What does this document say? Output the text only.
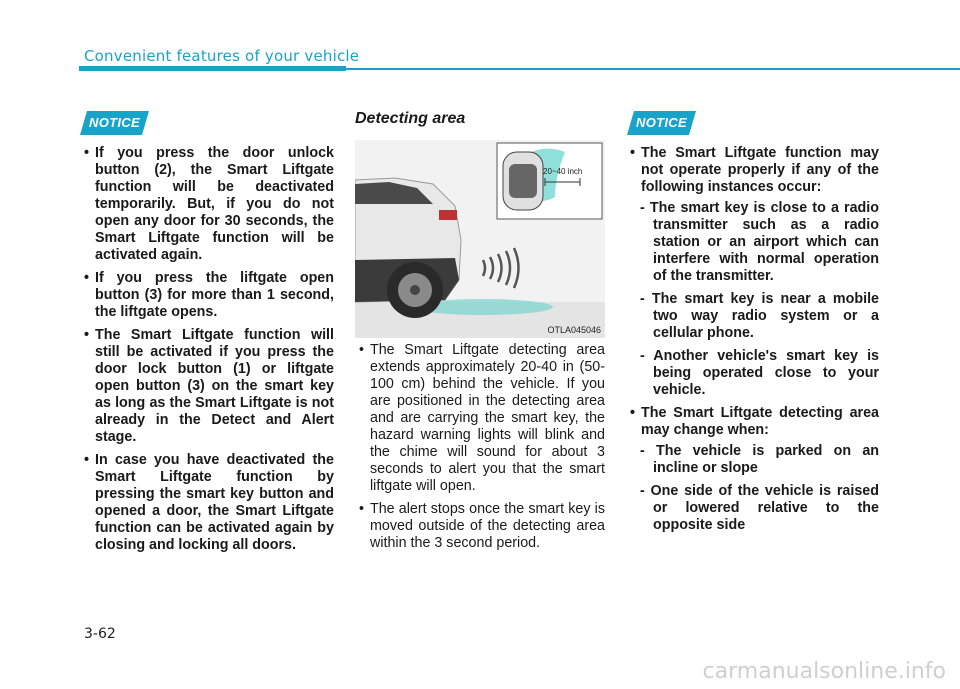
Convenient features of your vehicle
NOTICE
• If you press the door unlock button (2), the Smart Liftgate function will be deactivated temporarily. But, if you do not open any door for 30 seconds, the Smart Liftgate function will be activated again.
• If you press the liftgate open button (3) for more than 1 second, the liftgate opens.
• The Smart Liftgate function will still be activated if you press the door lock button (1) or liftgate open button (3) on the smart key as long as the Smart Liftgate is not already in the Detect and Alert stage.
• In case you have deactivated the Smart Liftgate function by pressing the smart key button and opened a door, the Smart Liftgate function can be activated again by closing and locking all doors.
Detecting area
20~40 inch
OTLA045046
• The Smart Liftgate detecting area extends approximately 20-40 in (50-100 cm) behind the vehicle. If you are positioned in the detecting area and are carrying the smart key, the hazard warning lights will blink and the chime will sound for about 3 seconds to alert you that the smart liftgate will open.
• The alert stops once the smart key is moved outside of the detecting area within the 3 second period.
NOTICE

• The Smart Liftgate function may not operate properly if any of the following instances occur:

- The smart key is close to a radio transmitter such as a radio station or an airport which can interfere with normal operation of the transmitter.
- The smart key is near a mobile two way radio system or a cellular phone.
- Another vehicle's smart key is being operated close to your vehicle.

• The Smart Liftgate detecting area may change when:

- The vehicle is parked on an incline or slope
- One side of the vehicle is raised or lowered relative to the opposite side
3-62
carmanualsonline.info
